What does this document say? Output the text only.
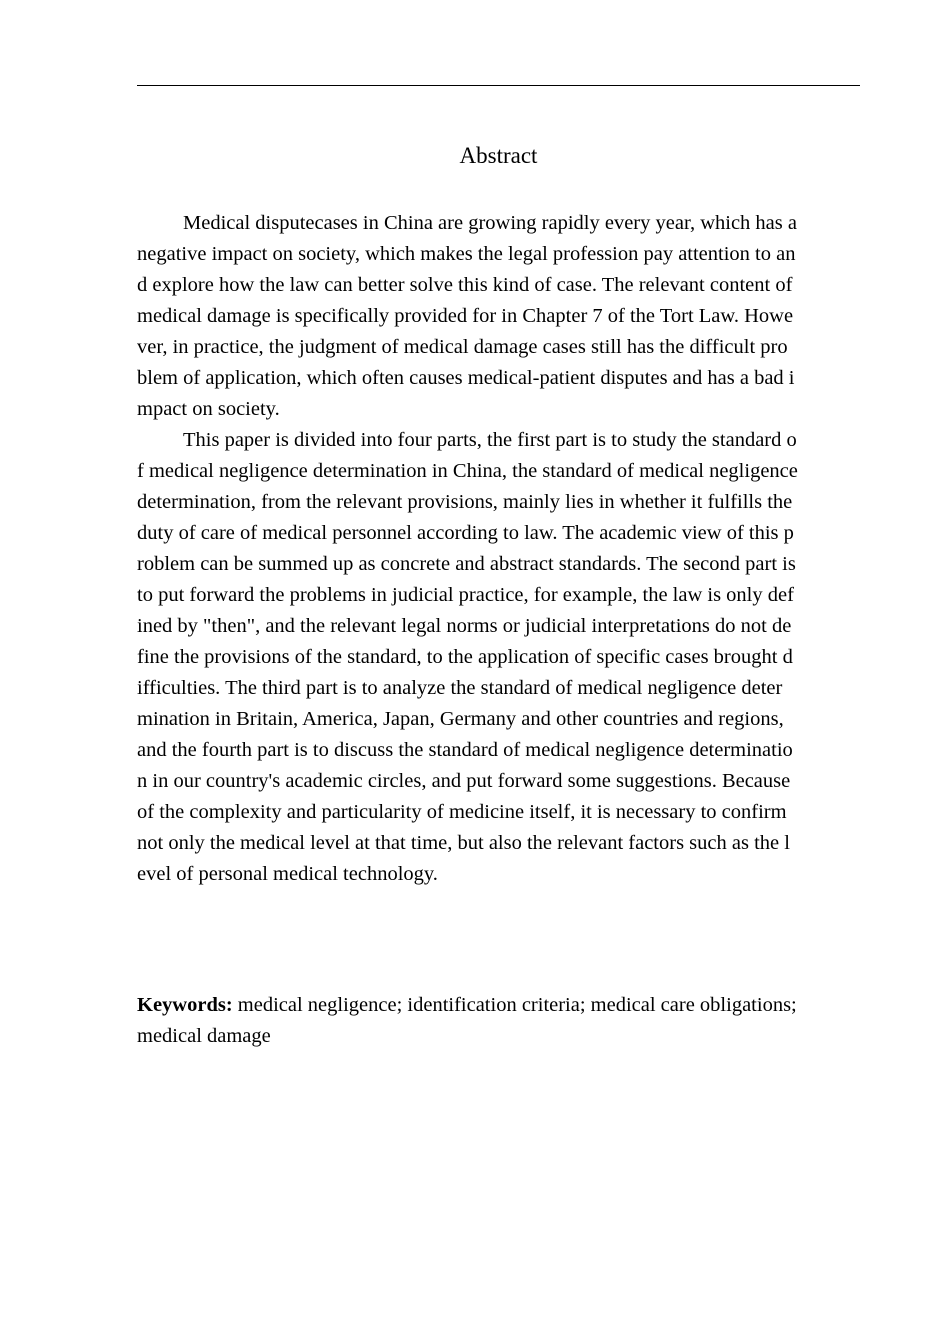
Abstract
Medical disputecases in China are growing rapidly every year, which has a
negative impact on society, which makes the legal profession pay attention to an
d explore how the law can better solve this kind of case. The relevant content of
medical damage is specifically provided for in Chapter 7 of the Tort Law. Howe
ver, in practice, the judgment of medical damage cases still has the difficult pro
blem of application, which often causes medical-patient disputes and has a bad i
mpact on society.
This paper is divided into four parts, the first part is to study the standard o
f medical negligence determination in China, the standard of medical negligence
determination, from the relevant provisions, mainly lies in whether it fulfills the
duty of care of medical personnel according to law. The academic view of this p
roblem can be summed up as concrete and abstract standards. The second part is
to put forward the problems in judicial practice, for example, the law is only def
ined by "then", and the relevant legal norms or judicial interpretations do not de
fine the provisions of the standard, to the application of specific cases brought d
ifficulties. The third part is to analyze the standard of medical negligence deter
mination in Britain, America, Japan, Germany and other countries and regions,
and the fourth part is to discuss the standard of medical negligence determinatio
n in our country's academic circles, and put forward some suggestions. Because
of the complexity and particularity of medicine itself, it is necessary to confirm
not only the medical level at that time, but also the relevant factors such as the l
evel of personal medical technology.
Keywords: medical negligence; identification criteria; medical care obligations;
medical damage
